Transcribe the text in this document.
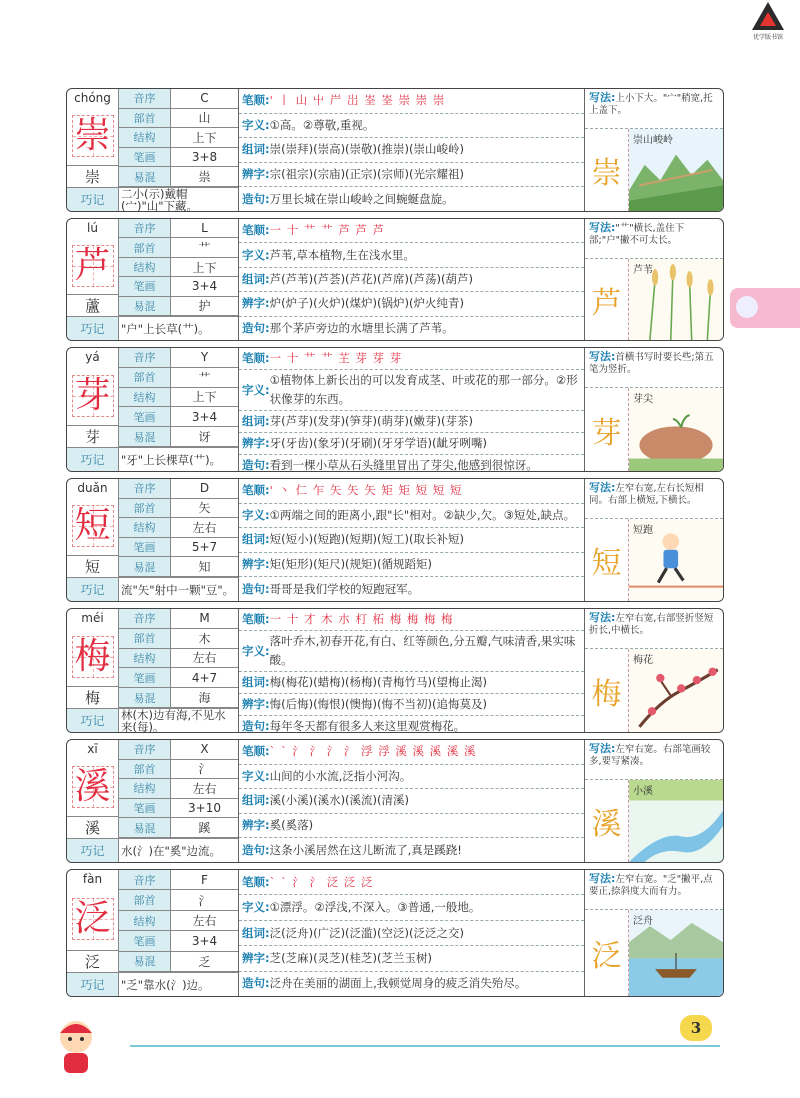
优学版书馆
chóng
崇
崇
音序	C
部首	山
结构	上下
笔画	3+8
易混	祟
巧记	二小(示)戴帽(宀)"山"下藏。
笔顺: ' 丨 山 屮 屵 岀 峑 峑 崇 崇 崇
字义: ①高。②尊敬,重视。
组词: 崇(崇拜)(崇高)(崇敬)(推崇)(崇山峻岭)
辨字: 宗(祖宗)(宗庙)(正宗)(宗师)(光宗耀祖)
造句: 万里长城在崇山峻岭之间蜿蜒盘旋。
写法:上小下大。"宀"稍宽,托上盖下。
崇
崇山峻岭
lú
芦
蘆
音序	L
部首	艹
结构	上下
笔画	3+4
易混	护
巧记	"户"上长草(艹)。
笔顺: 一 十 艹 艹 芦 芦 芦
字义: 芦苇,草本植物,生在浅水里。
组词: 芦(芦苇)(芦荟)(芦花)(芦席)(芦荡)(葫芦)
辨字: 炉(炉子)(火炉)(煤炉)(锅炉)(炉火纯青)
造句: 那个茅庐旁边的水塘里长满了芦苇。
写法:"艹"横长,盖住下部;"户"撇不可太长。
芦
芦苇
yá
芽
芽
音序	Y
部首	艹
结构	上下
笔画	3+4
易混	讶
巧记	"牙"上长棵草(艹)。
笔顺: 一 十 艹 艹 芏 芽 芽 芽
字义:
①植物体上新长出的可以发育成茎、叶或花的那一部分。②形状像芽的东西。
组词: 芽(芦芽)(发芽)(笋芽)(萌芽)(嫩芽)(芽茶)
辨字: 牙(牙齿)(象牙)(牙刷)(牙牙学语)(龇牙咧嘴)
造句: 看到一棵小草从石头缝里冒出了芽尖,他感到很惊讶。
写法:首横书写时要长些;第五笔为竖折。
芽
芽尖
duǎn
短
短
音序	D
部首	矢
结构	左右
笔画	5+7
易混	知
巧记	流"矢"射中一颗"豆"。
笔顺: ' 丶 仁 乍 矢 矢 矢 矩 矩 短 短 短
字义: ①两端之间的距离小,跟"长"相对。②缺少,欠。③短处,缺点。
组词: 短(短小)(短跑)(短期)(短工)(取长补短)
辨字: 矩(矩形)(矩尺)(规矩)(循规蹈矩)
造句: 哥哥是我们学校的短跑冠军。
写法:左窄右宽,左右长短相同。右部上横短,下横长。
短
短跑
méi
梅
梅
音序	M
部首	木
结构	左右
笔画	4+7
易混	海
巧记	林(木)边有海,不见水来(每)。
笔顺: 一 十 才 木 朩 朾 柘 梅 梅 梅 梅
字义:
落叶乔木,初春开花,有白、红等颜色,分五瓣,气味清香,果实味酸。
组词: 梅(梅花)(蜡梅)(杨梅)(青梅竹马)(望梅止渴)
辨字: 悔(后悔)(悔恨)(懊悔)(悔不当初)(追悔莫及)
造句: 每年冬天都有很多人来这里观赏梅花。
写法:左窄右宽,右部竖折竖短折长,中横长。
梅
梅花
xī
溪
溪
音序	X
部首	氵
结构	左右
笔画	3+10
易混	蹊
巧记	水(氵)在"奚"边流。
笔顺: ` ` 氵 氵 氵 氵 浮 浮 溪 溪 溪 溪 溪
字义: 山间的小水流,泛指小河沟。
组词: 溪(小溪)(溪水)(溪流)(清溪)
辨字: 奚(奚落)
造句: 这条小溪居然在这儿断流了,真是蹊跷!
写法:左窄右宽。右部笔画较多,要写紧凑。
溪
小溪
fàn
泛
泛
音序	F
部首	氵
结构	左右
笔画	3+4
易混	乏
巧记	"乏"靠水(氵)边。
笔顺: ` ` 氵 氵 泛 泛 泛
字义: ①漂浮。②浮浅,不深入。③普通,一般地。
组词: 泛(泛舟)(广泛)(泛滥)(空泛)(泛泛之交)
辨字: 芝(芝麻)(灵芝)(桂芝)(芝兰玉树)
造句: 泛舟在美丽的湖面上,我顿觉周身的疲乏消失殆尽。
写法:左窄右宽。"乏"撇平,点要正,捺斜度大而有力。
泛
泛舟
3
